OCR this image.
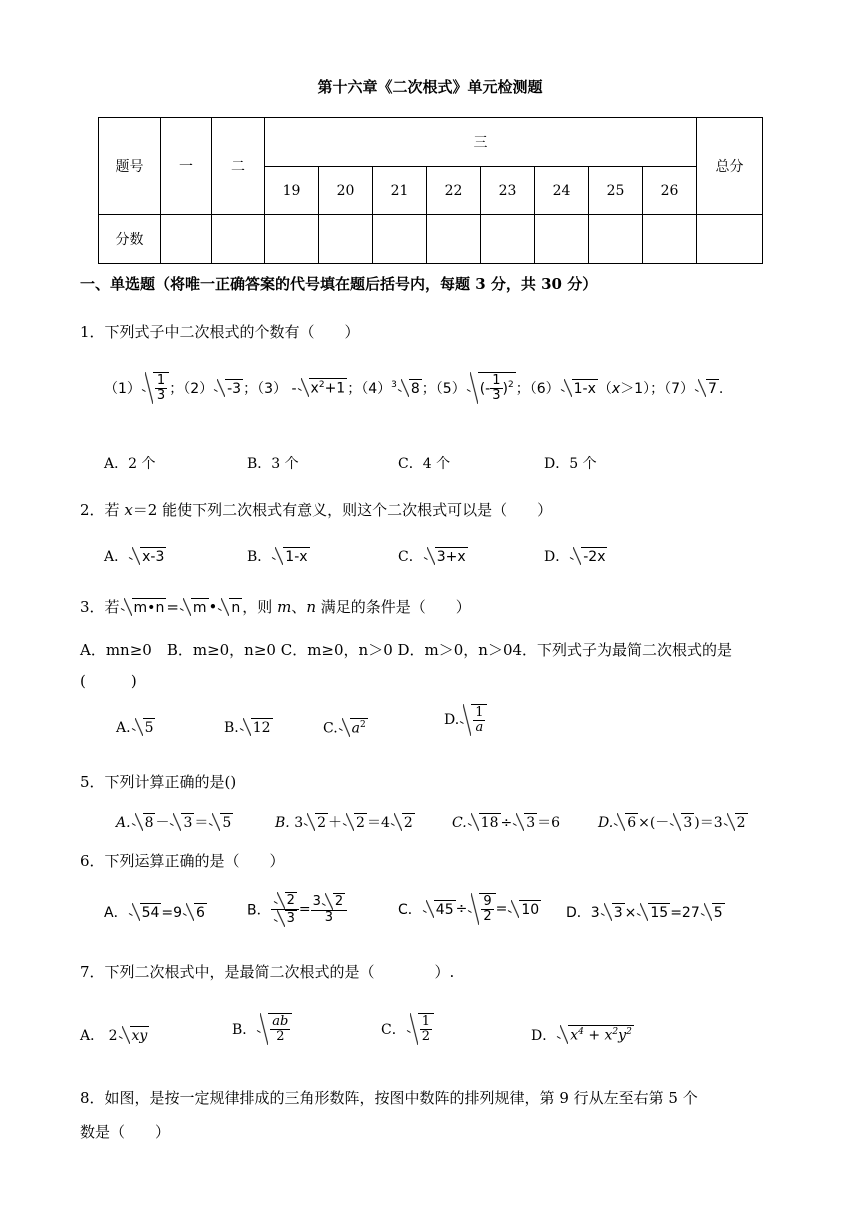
第十六章《二次根式》单元检测题
题号	一	二	三								总分
			19	20	21	22	23	24	25	26	
分数											
一、单选题（将唯一正确答案的代号填在题后括号内，每题 3 分，共 30 分）
1．下列式子中二次根式的个数有（　　）
$(1) \frac{1}{3}$ ；（2） -3 ；$(3) - x^2+1$ ；$(4)^3$ 8 ；（5） (- $\frac{1}{3} )^2$ ；（6） 1-x （x＞1）；（7） 7 .
A．2 个	B．3 个	C．4 个	D．5 个
2．若 x＝2 能使下列二次根式有意义，则这个二次根式可以是（　　）
A． x-3	B． 1-x	C． 3+x	D． -2x
3．若 m•n = m • n ，则 m、n 满足的条件是（　　）
A．mn≥0　B．m≥0，n≥0 C．m≥0，n＞0 D．m＞0，n＞04．下列式子为最简二次根式的是
(　　　)
A. 5	B. 12	C. $a^2$	D. $\frac{1}{a}$
5．下列计算正确的是()
A. 8 － 3 ＝ 5	B. 3 2 ＋ 2 ＝4 2	C. 18 ÷ 3 ＝6	D. 6 ×(－ 3 )＝3 2
6．下列运算正确的是（　　）
A． 54 =9 6	B． $\frac{2}{3} = \frac{3 2}{3}$	C． $45 \div \frac{9}{2} = 10$ D．3 3 × 15 =27 5
7．下列二次根式中，是最简二次根式的是（　　　　）.
A． 2 xy	B． $\frac{ab}{2}$	C． $\frac{1}{2}$	D． $x^4 + x^2y^2$
8．如图，是按一定规律排成的三角形数阵，按图中数阵的排列规律，第 9 行从左至右第 5 个
数是（　　）
